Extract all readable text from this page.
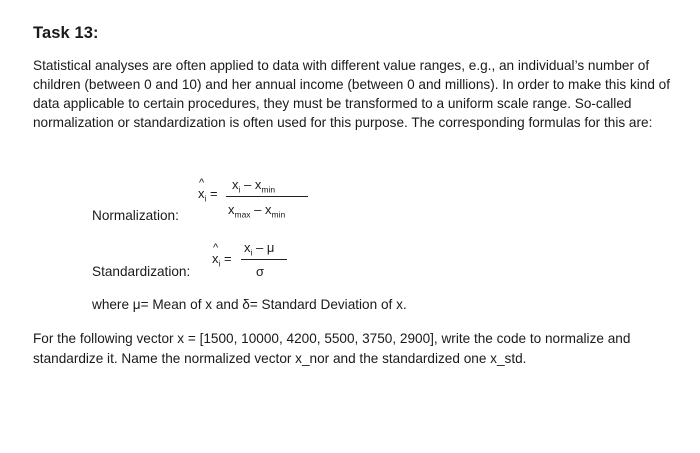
Task 13:

Statistical analyses are often applied to data with different value ranges, e.g., an individual’s number of children (between 0 and 10) and her annual income (between 0 and millions). In order to make this kind of data applicable to certain procedures, they must be transformed to a uniform scale range. So-called normalization or standardization is often used for this purpose. The corresponding formulas for this are:

^
$x_i$ =
$x_i - x_{min}$
$x_{max} - x_{min}$
Normalization:
^
$x_i$ =
$x_i$ – μ
σ
Standardization:
where μ= Mean of x and δ= Standard Deviation of x.

For the following vector x = [1500, 10000, 4200, 5500, 3750, 2900], write the code to normalize and standardize it. Name the normalized vector x_nor and the standardized one x_std.
